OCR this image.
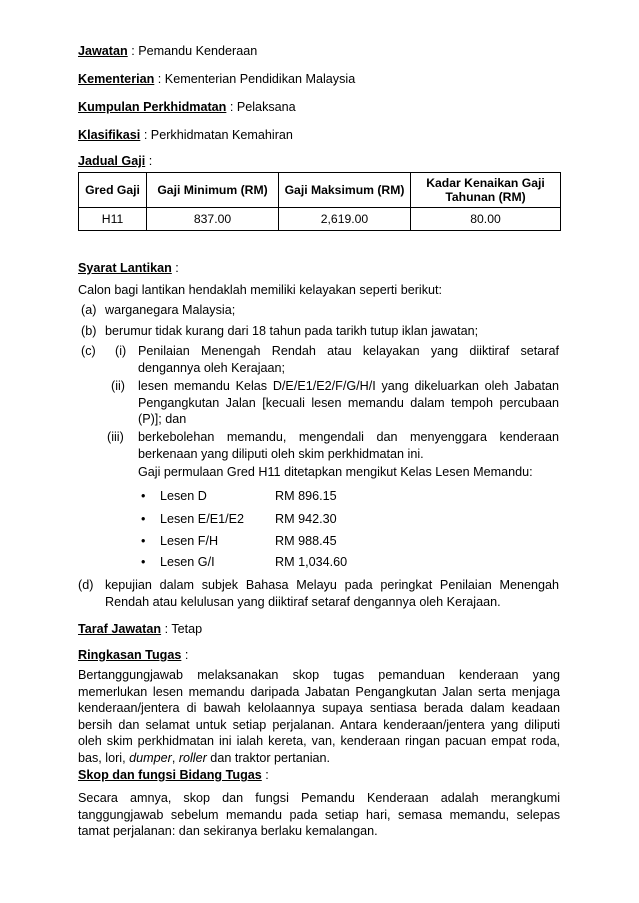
Jawatan : Pemandu Kenderaan
Kementerian : Kementerian Pendidikan Malaysia
Kumpulan Perkhidmatan : Pelaksana
Klasifikasi : Perkhidmatan Kemahiran
Jadual Gaji :
Gred Gaji	Gaji Minimum (RM)	Gaji Maksimum (RM)	Kadar Kenaikan Gaji Tahunan (RM)
H11	837.00	2,619.00	80.00
Syarat Lantikan :
Calon bagi lantikan hendaklah memiliki kelayakan seperti berikut:
(a) warganegara Malaysia;
(b) berumur tidak kurang dari 18 tahun pada tarikh tutup iklan jawatan;
(c) (i) Penilaian Menengah Rendah atau kelayakan yang diiktiraf setaraf dengannya oleh Kerajaan;
(ii) lesen memandu Kelas D/E/E1/E2/F/G/H/I yang dikeluarkan oleh Jabatan Pengangkutan Jalan [kecuali lesen memandu dalam tempoh percubaan (P)]; dan
(iii) berkebolehan memandu, mengendali dan menyenggara kenderaan berkenaan yang diliputi oleh skim perkhidmatan ini.
Gaji permulaan Gred H11 ditetapkan mengikut Kelas Lesen Memandu:
• Lesen D	RM 896.15
• Lesen E/E1/E2 RM 942.30
• Lesen F/H	RM 988.45
• Lesen G/I	RM 1,034.60
(d) kepujian dalam subjek Bahasa Melayu pada peringkat Penilaian Menengah Rendah atau kelulusan yang diiktiraf setaraf dengannya oleh Kerajaan.
Taraf Jawatan : Tetap
Ringkasan Tugas :
Bertanggungjawab melaksanakan skop tugas pemanduan kenderaan yang memerlukan lesen memandu daripada Jabatan Pengangkutan Jalan serta menjaga kenderaan/jentera di bawah kelolaannya supaya sentiasa berada dalam keadaan bersih dan selamat untuk setiap perjalanan. Antara kenderaan/jentera yang diliputi oleh skim perkhidmatan ini ialah kereta, van, kenderaan ringan pacuan empat roda, bas, lori, dumper, roller dan traktor pertanian.
Skop dan fungsi Bidang Tugas :
Secara amnya, skop dan fungsi Pemandu Kenderaan adalah merangkumi tanggungjawab sebelum memandu pada setiap hari, semasa memandu, selepas tamat perjalanan: dan sekiranya berlaku kemalangan.
